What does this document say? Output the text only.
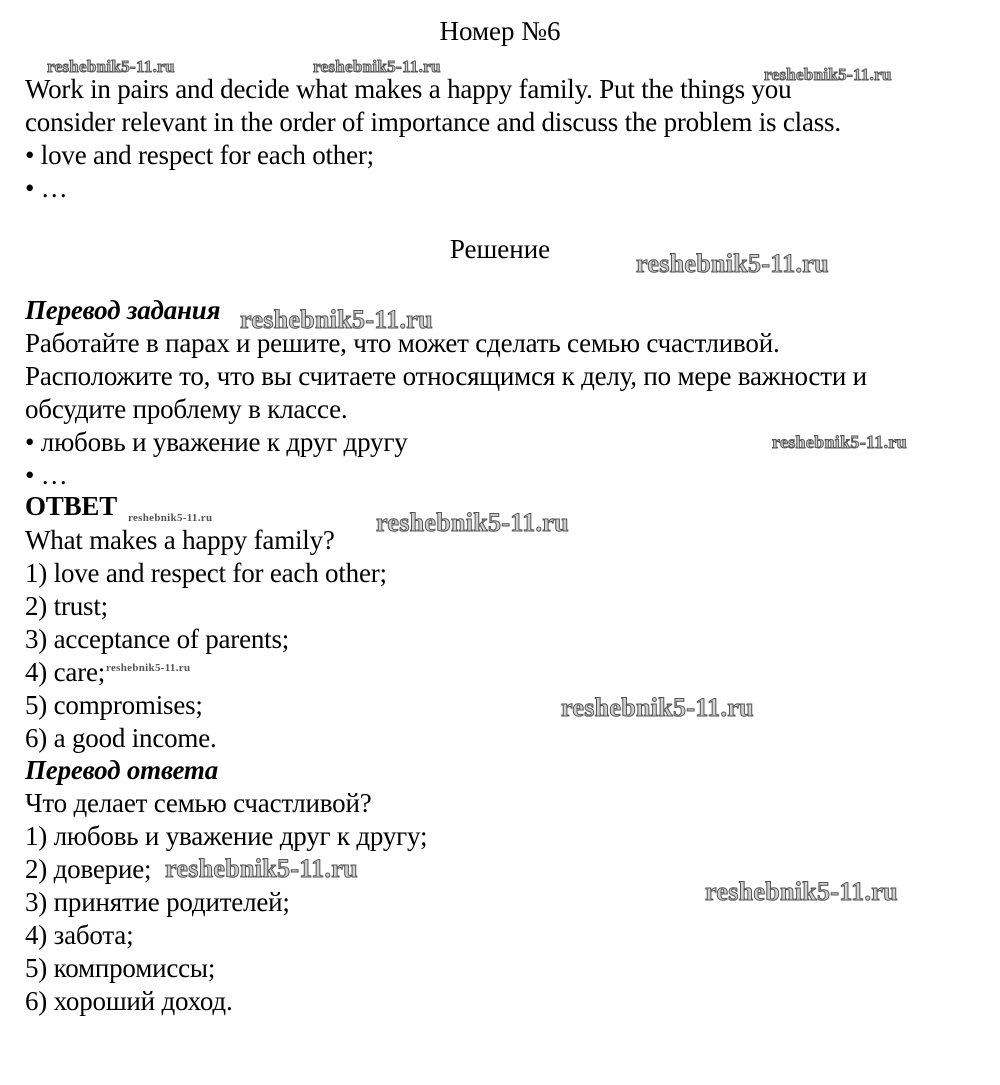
Номер №6
Work in pairs and decide what makes a happy family. Put the things you
consider relevant in the order of importance and discuss the problem is class.
• love and respect for each other;
• …
Решение
Перевод задания
Работайте в парах и решите, что может сделать семью счастливой.
Расположите то, что вы считаете относящимся к делу, по мере важности и
обсудите проблему в классе.
• любовь и уважение к друг другу
• …
ОТВЕТ
What makes a happy family?
1) love and respect for each other;
2) trust;
3) acceptance of parents;
4) care;
5) compromises;
6) a good income.
Перевод ответа
Что делает семью счастливой?
1) любовь и уважение друг к другу;
2) доверие;
3) принятие родителей;
4) забота;
5) компромиссы;
6) хороший доход.
reshebnik5-11.ru	reshebnik5-11.ru	reshebnik5-11.ru
reshebnik5-11.ru
reshebnik5-11.ru
reshebnik5-11.ru
reshebnik5-11.ru	reshebnik5-11.ru
reshebnik5-11.ru
reshebnik5-11.ru
reshebnik5-11.ru
reshebnik5-11.ru
